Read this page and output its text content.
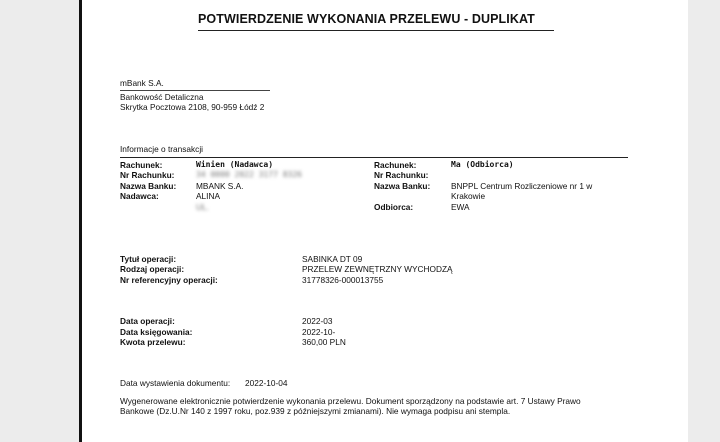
POTWIERDZENIE WYKONANIA PRZELEWU - DUPLIKAT
mBank S.A.
Bankowość Detaliczna
Skrytka Pocztowa 2108, 90-959 Łódź 2
Informacje o transakcji
Rachunek:	Winien (Nadawca)
Nr Rachunku:	34 0000 2022 3177 8326
Nazwa Banku: MBANK S.A.
Nadawca:	ALINA
UL.
Rachunek:	Ma (Odbiorca)
Nr Rachunku:
Nazwa Banku:	BNPPL Centrum Rozliczeniowe nr 1 w
Krakowie
Odbiorca:	EWA
Tytuł operacji:	SABINKA DT 09
Rodzaj operacji:	PRZELEW ZEWNĘTRZNY WYCHODZĄ
Nr referencyjny operacji:	31778326-000013755
Data operacji:	2022-03
Data księgowania:	2022-10-
Kwota przelewu:	360,00 PLN
Data wystawienia dokumentu: 2022-10-04
Wygenerowane elektronicznie potwierdzenie wykonania przelewu. Dokument sporządzony na podstawie art. 7 Ustawy Prawo
Bankowe (Dz.U.Nr 140 z 1997 roku, poz.939 z późniejszymi zmianami). Nie wymaga podpisu ani stempla.
